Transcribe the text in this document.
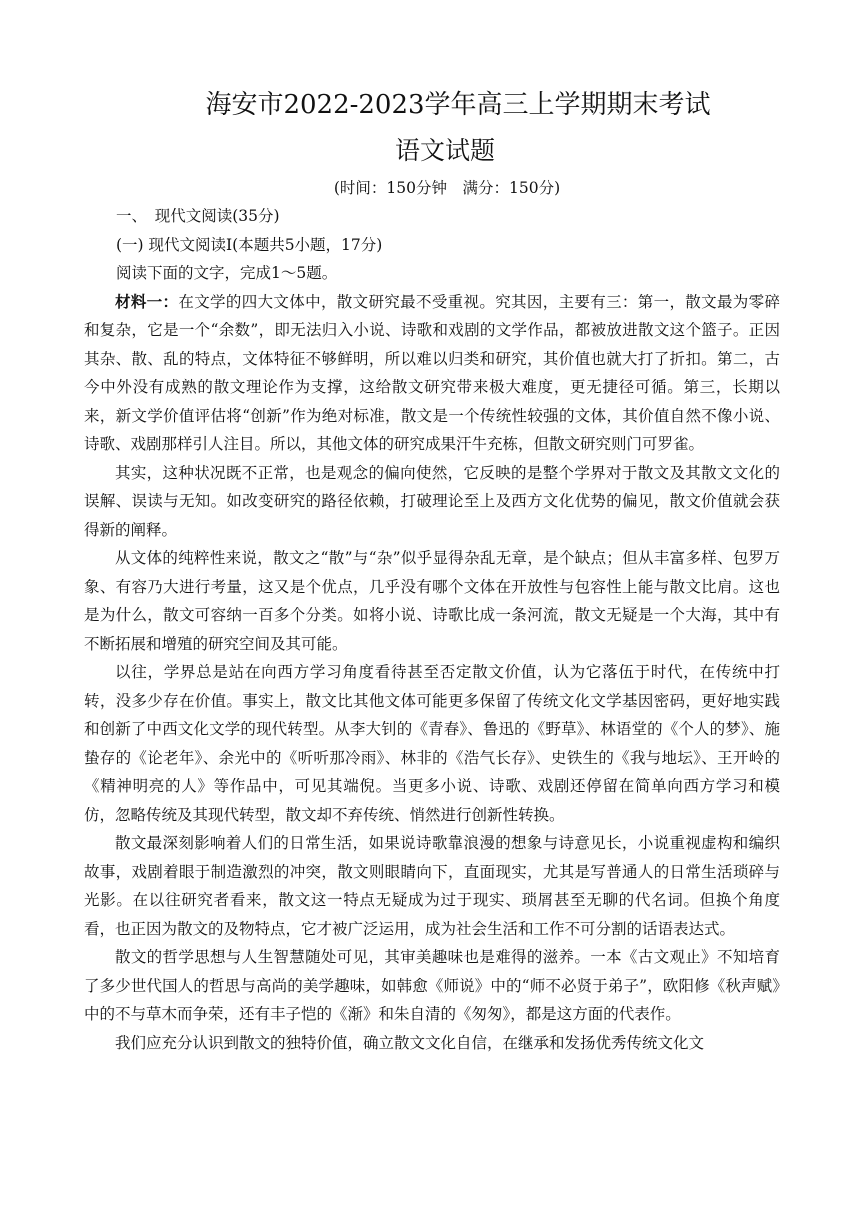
海安市2022-2023学年高三上学期期末考试
语文试题
(时间：150分钟　满分：150分)

一、　现代文阅读(35分)

(一) 现代文阅读Ⅰ(本题共5小题，17分)

阅读下面的文字，完成1～5题。

材料一：在文学的四大文体中，散文研究最不受重视。究其因，主要有三：第一，散文最为零碎和复杂，它是一个“余数”，即无法归入小说、诗歌和戏剧的文学作品，都被放进散文这个篮子。正因其杂、散、乱的特点，文体特征不够鲜明，所以难以归类和研究，其价值也就大打了折扣。第二，古今中外没有成熟的散文理论作为支撑，这给散文研究带来极大难度，更无捷径可循。第三，长期以来，新文学价值评估将“创新”作为绝对标准，散文是一个传统性较强的文体，其价值自然不像小说、诗歌、戏剧那样引人注目。所以，其他文体的研究成果汗牛充栋，但散文研究则门可罗雀。

其实，这种状况既不正常，也是观念的偏向使然，它反映的是整个学界对于散文及其散文文化的误解、误读与无知。如改变研究的路径依赖，打破理论至上及西方文化优势的偏见，散文价值就会获得新的阐释。

从文体的纯粹性来说，散文之“散”与“杂”似乎显得杂乱无章，是个缺点；但从丰富多样、包罗万象、有容乃大进行考量，这又是个优点，几乎没有哪个文体在开放性与包容性上能与散文比肩。这也是为什么，散文可容纳一百多个分类。如将小说、诗歌比成一条河流，散文无疑是一个大海，其中有不断拓展和增殖的研究空间及其可能。

以往，学界总是站在向西方学习角度看待甚至否定散文价值，认为它落伍于时代，在传统中打转，没多少存在价值。事实上，散文比其他文体可能更多保留了传统文化文学基因密码，更好地实践和创新了中西文化文学的现代转型。从李大钊的《青春》、鲁迅的《野草》、林语堂的《个人的梦》、施蛰存的《论老年》、余光中的《听听那冷雨》、林非的《浩气长存》、史铁生的《我与地坛》、王开岭的《精神明亮的人》等作品中，可见其端倪。当更多小说、诗歌、戏剧还停留在简单向西方学习和模仿，忽略传统及其现代转型，散文却不弃传统、悄然进行创新性转换。

散文最深刻影响着人们的日常生活，如果说诗歌靠浪漫的想象与诗意见长，小说重视虚构和编织故事，戏剧着眼于制造激烈的冲突，散文则眼睛向下，直面现实，尤其是写普通人的日常生活琐碎与光影。在以往研究者看来，散文这一特点无疑成为过于现实、琐屑甚至无聊的代名词。但换个角度看，也正因为散文的及物特点，它才被广泛运用，成为社会生活和工作不可分割的话语表达式。

散文的哲学思想与人生智慧随处可见，其审美趣味也是难得的滋养。一本《古文观止》不知培育了多少世代国人的哲思与高尚的美学趣味，如韩愈《师说》中的“师不必贤于弟子”，欧阳修《秋声赋》中的不与草木而争荣，还有丰子恺的《渐》和朱自清的《匆匆》，都是这方面的代表作。

我们应充分认识到散文的独特价值，确立散文文化自信，在继承和发扬优秀传统文化文
